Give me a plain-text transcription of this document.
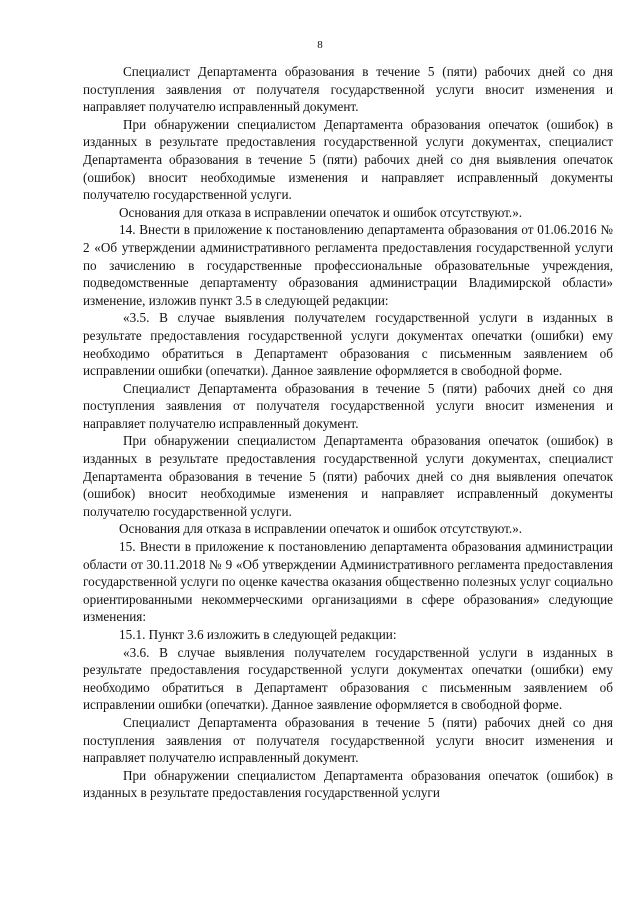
8

Специалист Департамента образования в течение 5 (пяти) рабочих дней со дня поступления заявления от получателя государственной услуги вносит изменения и направляет получателю исправленный документ.

При обнаружении специалистом Департамента образования опечаток (ошибок) в изданных в результате предоставления государственной услуги документах, специалист Департамента образования в течение 5 (пяти) рабочих дней со дня выявления опечаток (ошибок) вносит необходимые изменения и направляет исправленный документы получателю государственной услуги.

Основания для отказа в исправлении опечаток и ошибок отсутствуют.».

14. Внести в приложение к постановлению департамента образования от 01.06.2016 № 2 «Об утверждении административного регламента предоставления государственной услуги по зачислению в государственные профессиональные образовательные учреждения, подведомственные департаменту образования администрации Владимирской области» изменение, изложив пункт 3.5 в следующей редакции:

«3.5. В случае выявления получателем государственной услуги в изданных в результате предоставления государственной услуги документах опечатки (ошибки) ему необходимо обратиться в Департамент образования с письменным заявлением об исправлении ошибки (опечатки). Данное заявление оформляется в свободной форме.

Специалист Департамента образования в течение 5 (пяти) рабочих дней со дня поступления заявления от получателя государственной услуги вносит изменения и направляет получателю исправленный документ.

При обнаружении специалистом Департамента образования опечаток (ошибок) в изданных в результате предоставления государственной услуги документах, специалист Департамента образования в течение 5 (пяти) рабочих дней со дня выявления опечаток (ошибок) вносит необходимые изменения и направляет исправленный документы получателю государственной услуги.

Основания для отказа в исправлении опечаток и ошибок отсутствуют.».

15. Внести в приложение к постановлению департамента образования администрации области от 30.11.2018 № 9 «Об утверждении Административного регламента предоставления государственной услуги по оценке качества оказания общественно полезных услуг социально ориентированными некоммерческими организациями в сфере образования» следующие изменения:

15.1. Пункт 3.6 изложить в следующей редакции:

«3.6. В случае выявления получателем государственной услуги в изданных в результате предоставления государственной услуги документах опечатки (ошибки) ему необходимо обратиться в Департамент образования с письменным заявлением об исправлении ошибки (опечатки). Данное заявление оформляется в свободной форме.

Специалист Департамента образования в течение 5 (пяти) рабочих дней со дня поступления заявления от получателя государственной услуги вносит изменения и направляет получателю исправленный документ.

При обнаружении специалистом Департамента образования опечаток (ошибок) в изданных в результате предоставления государственной услуги
